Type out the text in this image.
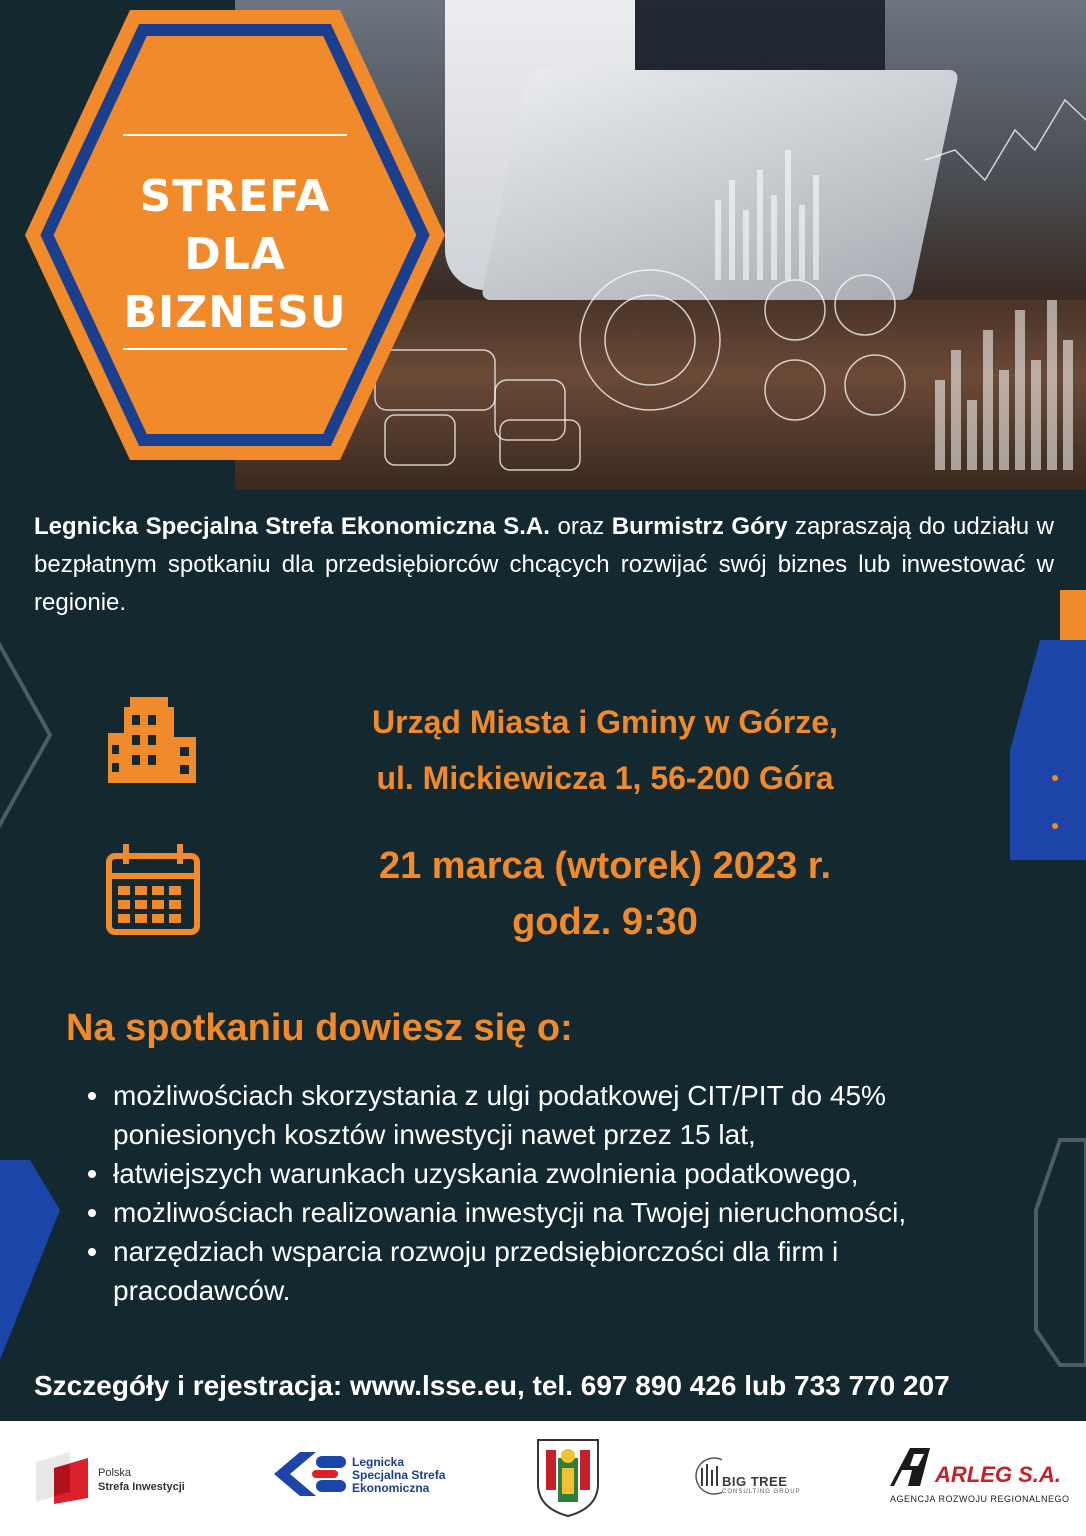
STREFA
DLA
BIZNESU

Legnicka Specjalna Strefa Ekonomiczna S.A. oraz Burmistrz Góry zapraszają do udziału w bezpłatnym spotkaniu dla przedsiębiorców chcących rozwijać swój biznes lub inwestować w regionie.

Urząd Miasta i Gminy w Górze,
ul. Mickiewicza 1, 56-200 Góra
21 marca (wtorek) 2023 r.
godz. 9:30
Na spotkaniu dowiesz się o:
możliwościach skorzystania z ulgi podatkowej CIT/PIT do 45% poniesionych kosztów inwestycji nawet przez 15 lat,
łatwiejszych warunkach uzyskania zwolnienia podatkowego,
możliwościach realizowania inwestycji na Twojej nieruchomości,
narzędziach wsparcia rozwoju przedsiębiorczości dla firm i pracodawców.
Szczegóły i rejestracja: www.lsse.eu, tel. 697 890 426 lub 733 770 207
Polska
Strefa Inwestycji
Legnicka
Specjalna Strefa
Ekonomiczna	BIG TREE
CONSULTING GROUP
ARLEG S.A.
AGENCJA ROZWOJU REGIONALNEGO
